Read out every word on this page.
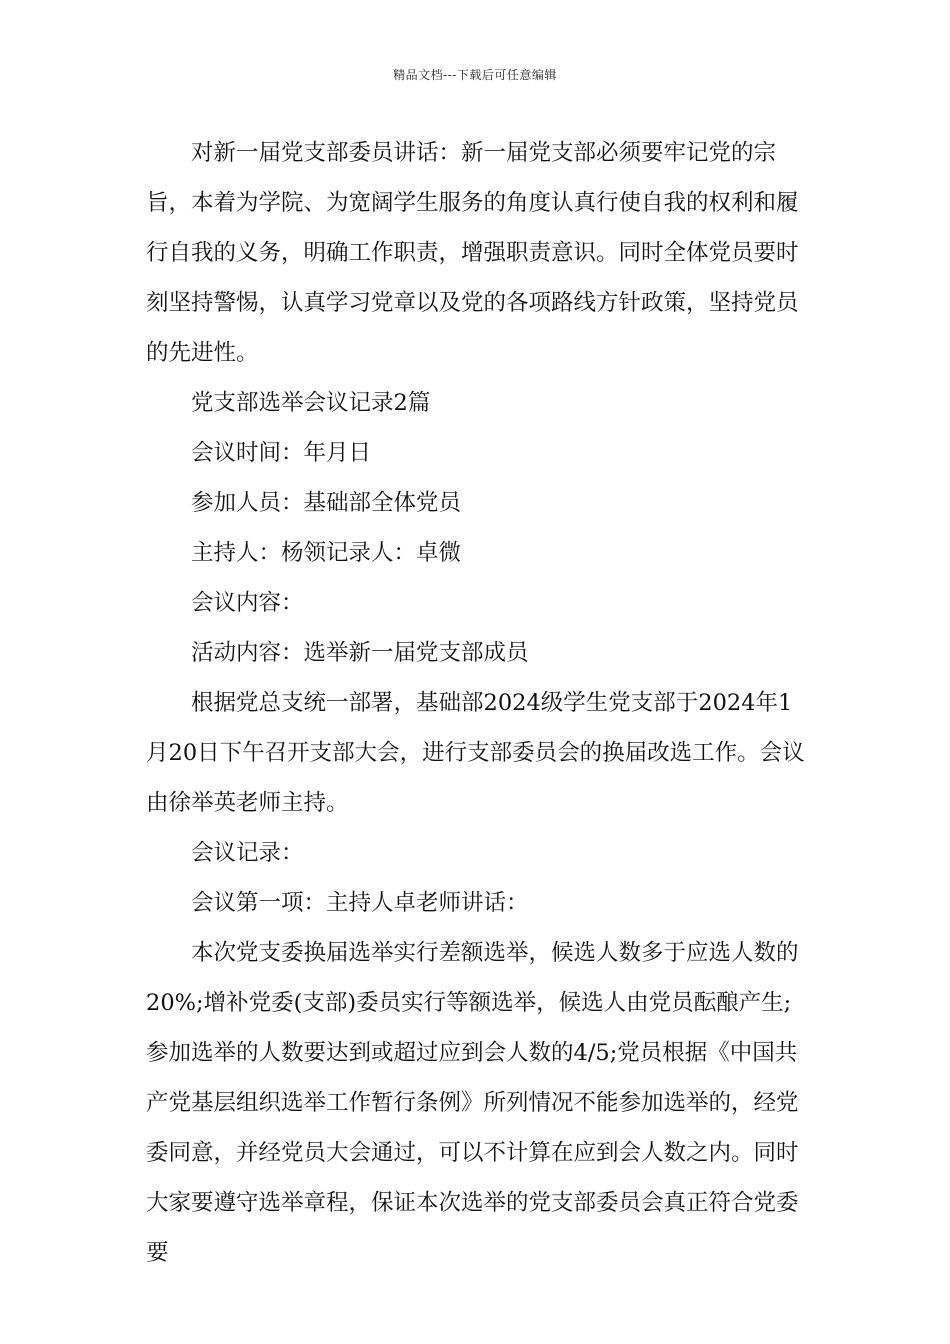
精品文档---下载后可任意编辑

对新一届党支部委员讲话：新一届党支部必须要牢记党的宗旨，本着为学院、为宽阔学生服务的角度认真行使自我的权利和履行自我的义务，明确工作职责，增强职责意识。同时全体党员要时刻坚持警惕，认真学习党章以及党的各项路线方针政策，坚持党员的先进性。

党支部选举会议记录2篇

会议时间：年月日

参加人员：基础部全体党员

主持人：杨领记录人：卓微

会议内容：

活动内容：选举新一届党支部成员

根据党总支统一部署，基础部2024级学生党支部于2024年1月20日下午召开支部大会，进行支部委员会的换届改选工作。会议由徐举英老师主持。

会议记录：

会议第一项：主持人卓老师讲话：

本次党支委换届选举实行差额选举，候选人数多于应选人数的20%;增补党委(支部)委员实行等额选举，候选人由党员酝酿产生;参加选举的人数要达到或超过应到会人数的4/5;党员根据《中国共产党基层组织选举工作暂行条例》所列情况不能参加选举的，经党委同意，并经党员大会通过，可以不计算在应到会人数之内。同时大家要遵守选举章程，保证本次选举的党支部委员会真正符合党委要
